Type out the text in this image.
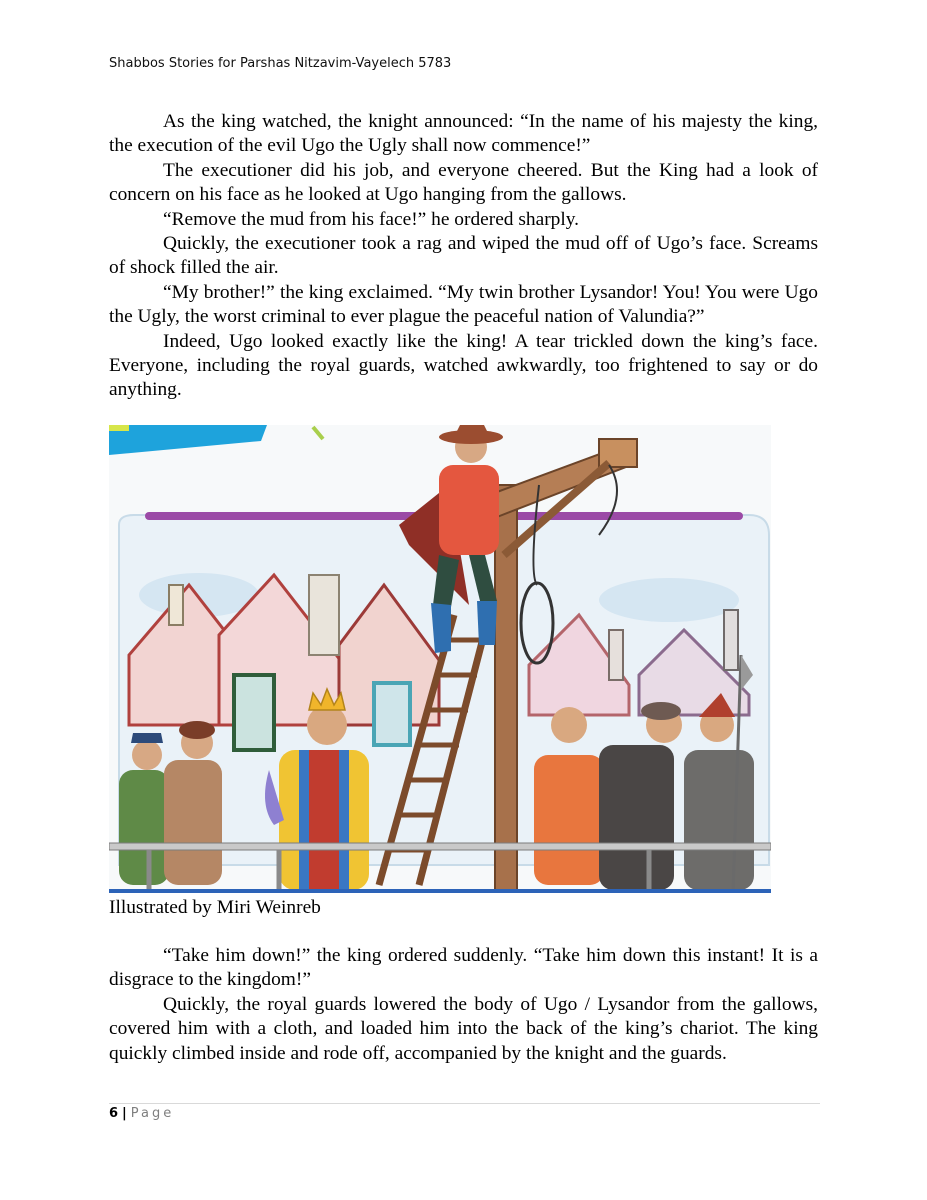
Shabbos Stories for Parshas Nitzavim-Vayelech 5783

As the king watched, the knight announced: “In the name of his majesty the king, the execution of the evil Ugo the Ugly shall now commence!”

The executioner did his job, and everyone cheered. But the King had a look of concern on his face as he looked at Ugo hanging from the gallows.

“Remove the mud from his face!” he ordered sharply.

Quickly, the executioner took a rag and wiped the mud off of Ugo’s face. Screams of shock filled the air.

“My brother!” the king exclaimed. “My twin brother Lysandor! You! You were Ugo the Ugly, the worst criminal to ever plague the peaceful nation of Valundia?”

Indeed, Ugo looked exactly like the king! A tear trickled down the king’s face. Everyone, including the royal guards, watched awkwardly, too frightened to say or do anything.

Illustrated by Miri Weinreb

“Take him down!” the king ordered suddenly. “Take him down this instant! It is a disgrace to the kingdom!”

Quickly, the royal guards lowered the body of Ugo / Lysandor from the gallows, covered him with a cloth, and loaded him into the back of the king’s chariot. The king quickly climbed inside and rode off, accompanied by the knight and the guards.

6 | Page
